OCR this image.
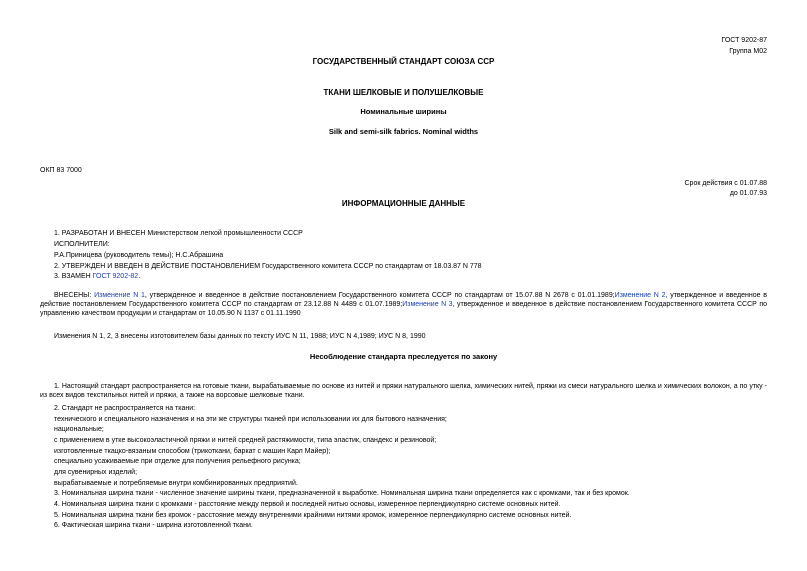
ГОСТ 9202-87
Группа М02
ГОСУДАРСТВЕННЫЙ СТАНДАРТ СОЮЗА ССР
ТКАНИ ШЕЛКОВЫЕ И ПОЛУШЕЛКОВЫЕ
Номинальные ширины
Silk and semi-silk fabrics. Nominal widths
ОКП 83 7000
Срок действия с 01.07.88
до 01.07.93
ИНФОРМАЦИОННЫЕ ДАННЫЕ
1. РАЗРАБОТАН И ВНЕСЕН Министерством легкой промышленности СССР
ИСПОЛНИТЕЛИ:
Р.А.Приницева (руководитель темы); Н.С.Абрашина
2. УТВЕРЖДЕН И ВВЕДЕН В ДЕЙСТВИЕ ПОСТАНОВЛЕНИЕМ Государственного комитета СССР по стандартам от 18.03.87 N 778
3. ВЗАМЕН ГОСТ 9202-82.
ВНЕСЕНЫ: Изменение N 1, утвержденное и введенное в действие постановлением Государственного комитета СССР по стандартам от 15.07.88 N 2678 с 01.01.1989;Изменение N 2, утвержденное и введенное в действие постановлением Государственного комитета СССР по стандартам от 23.12.88 N 4489 с 01.07.1989;Изменение N 3, утвержденное и введенное в действие постановлением Государственного комитета СССР по управлению качеством продукции и стандартам от 10.05.90 N 1137 с 01.11.1990
Изменения N 1, 2, 3 внесены изготовителем базы данных по тексту ИУС N 11, 1988; ИУС N 4,1989; ИУС N 8, 1990
Несоблюдение стандарта преследуется по закону
1. Настоящий стандарт распространяется на готовые ткани, вырабатываемые по основе из нитей и пряжи натурального шелка, химических нитей, пряжи из смеси натурального шелка и химических волокон, а по утку - из всех видов текстильных нитей и пряжи, а также на ворсовые шелковые ткани.
2. Стандарт не распространяется на ткани:
технического и специального назначения и на эти же структуры тканей при использовании их для бытового назначения;
национальные;
с применением в утке высокоэластичной пряжи и нитей средней растяжимости, типа эластик, спандекс и резиновой;
изготовленные ткацко-вязаным способом (трикоткани, баркат с машин Карл Майер);
специально усаживаемые при отделке для получения рельефного рисунка;
для сувенирных изделий;
вырабатываемые и потребляемые внутри комбинированных предприятий.
3. Номинальная ширина ткани - численное значение ширины ткани, предназначенной к выработке. Номинальная ширина ткани определяется как с кромками, так и без кромок.
4. Номинальная ширина ткани с кромками - расстояние между первой и последней нитью основы, измеренное перпендикулярно системе основных нитей.
5. Номинальная ширина ткани без кромок - расстояние между внутренними крайними нитями кромок, измеренное перпендикулярно системе основных нитей.
6. Фактическая ширина ткани - ширина изготовленной ткани.
